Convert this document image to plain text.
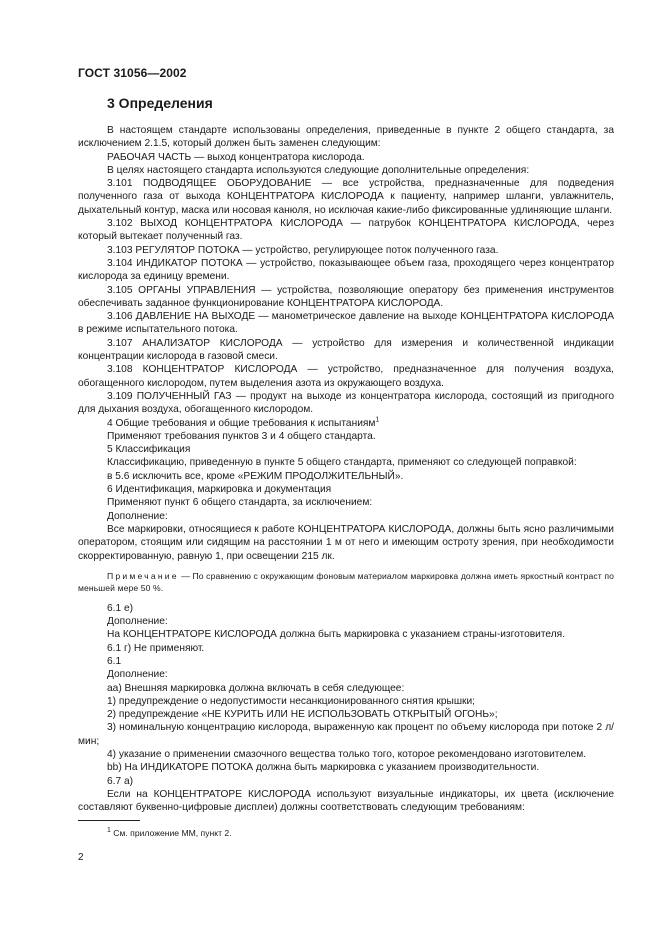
ГОСТ 31056—2002
3 Определения

В настоящем стандарте использованы определения, приведенные в пункте 2 общего стандарта, за исключением 2.1.5, который должен быть заменен следующим:

РАБОЧАЯ ЧАСТЬ — выход концентратора кислорода.

В целях настоящего стандарта используются следующие дополнительные определения:

3.101 ПОДВОДЯЩЕЕ ОБОРУДОВАНИЕ — все устройства, предназначенные для подведения полученного газа от выхода КОНЦЕНТРАТОРА КИСЛОРОДА к пациенту, например шланги, увлажнитель, дыхательный контур, маска или носовая канюля, но исключая какие-либо фиксированные удлиняющие шланги.

3.102 ВЫХОД КОНЦЕНТРАТОРА КИСЛОРОДА — патрубок КОНЦЕНТРАТОРА КИСЛОРОДА, через который вытекает полученный газ.

3.103 РЕГУЛЯТОР ПОТОКА — устройство, регулирующее поток полученного газа.

3.104 ИНДИКАТОР ПОТОКА — устройство, показывающее объем газа, проходящего через концентратор кислорода за единицу времени.

3.105 ОРГАНЫ УПРАВЛЕНИЯ — устройства, позволяющие оператору без применения инструментов обеспечивать заданное функционирование КОНЦЕНТРАТОРА КИСЛОРОДА.

3.106 ДАВЛЕНИЕ НА ВЫХОДЕ — манометрическое давление на выходе КОНЦЕНТРАТОРА КИСЛОРОДА в режиме испытательного потока.

3.107 АНАЛИЗАТОР КИСЛОРОДА — устройство для измерения и количественной индикации концентрации кислорода в газовой смеси.

3.108 КОНЦЕНТРАТОР КИСЛОРОДА — устройство, предназначенное для получения воздуха, обогащенного кислородом, путем выделения азота из окружающего воздуха.

3.109 ПОЛУЧЕННЫЙ ГАЗ — продукт на выходе из концентратора кислорода, состоящий из пригодного для дыхания воздуха, обогащенного кислородом.

4 Общие требования и общие требования к испытаниям$^1$

Применяют требования пунктов 3 и 4 общего стандарта.

5 Классификация

Классификацию, приведенную в пункте 5 общего стандарта, применяют со следующей поправкой:

в 5.6 исключить все, кроме «РЕЖИМ ПРОДОЛЖИТЕЛЬНЫЙ».

6 Идентификация, маркировка и документация

Применяют пункт 6 общего стандарта, за исключением:

Дополнение:

Все маркировки, относящиеся к работе КОНЦЕНТРАТОРА КИСЛОРОДА, должны быть ясно различимыми оператором, стоящим или сидящим на расстоянии 1 м от него и имеющим остроту зрения, при необходимости скорректированную, равную 1, при освещении 215 лк.

Примечание — По сравнению с окружающим фоновым материалом маркировка должна иметь яркостный контраст по меньшей мере 50 %.

6.1 е)

Дополнение:

На КОНЦЕНТРАТОРЕ КИСЛОРОДА должна быть маркировка с указанием страны-изготовителя.

6.1 г) Не применяют.

6.1

Дополнение:

аа) Внешняя маркировка должна включать в себя следующее:

1) предупреждение о недопустимости несанкционированного снятия крышки;

2) предупреждение «НЕ КУРИТЬ ИЛИ НЕ ИСПОЛЬЗОВАТЬ ОТКРЫТЫЙ ОГОНЬ»;

3) номинальную концентрацию кислорода, выраженную как процент по объему кислорода при потоке 2 л/мин;

4) указание о применении смазочного вещества только того, которое рекомендовано изготовителем.

bb) На ИНДИКАТОРЕ ПОТОКА должна быть маркировка с указанием производительности.

6.7 а)

Если на КОНЦЕНТРАТОРЕ КИСЛОРОДА используют визуальные индикаторы, их цвета (исключение составляют буквенно-цифровые дисплеи) должны соответствовать следующим требованиям:

$^1$ См. приложение ММ, пункт 2.
2
